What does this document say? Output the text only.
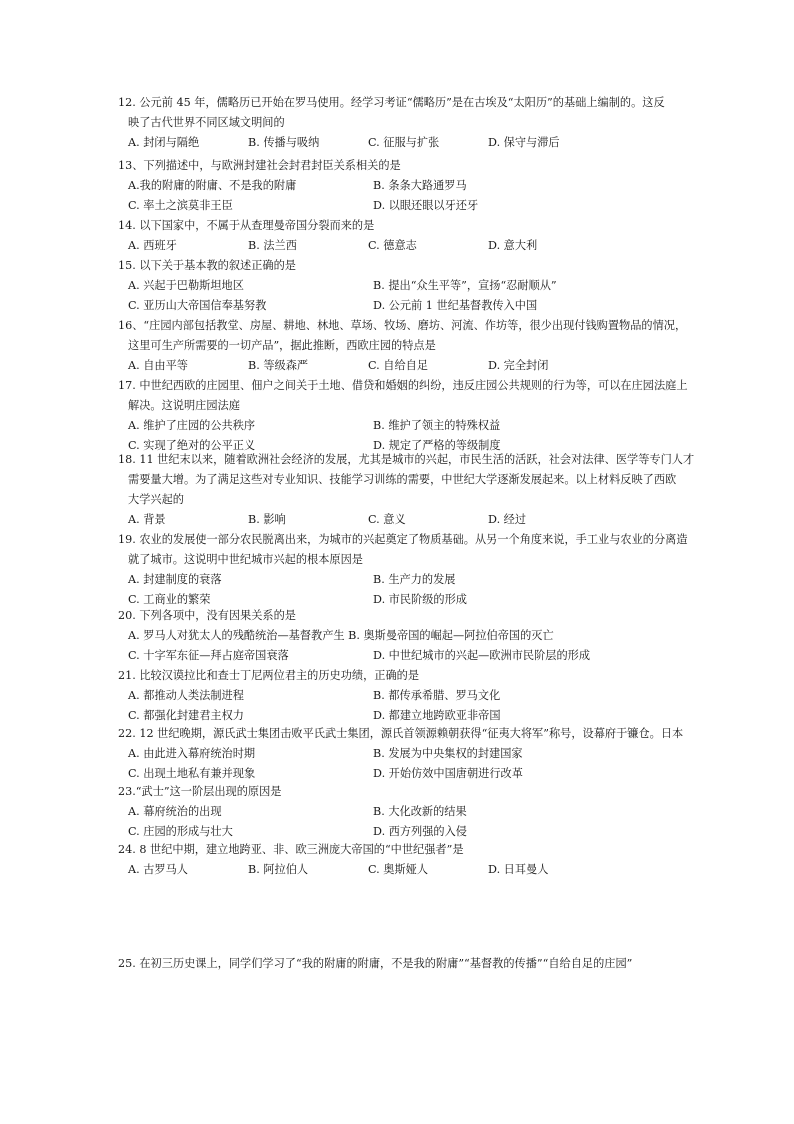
12. 公元前 45 年，儒略历已开始在罗马使用。经学习考证“儒略历”是在古埃及“太阳历”的基础上编制的。这反
映了古代世界不同区域文明间的
A. 封闭与隔绝	B. 传播与吸纳	C. 征服与扩张	D. 保守与滞后
13、下列描述中，与欧洲封建社会封君封臣关系相关的是
A.我的附庸的附庸、不是我的附庸	B. 条条大路通罗马
C. 率土之滨莫非王臣	D. 以眼还眼以牙还牙
14. 以下国家中，不属于从查理曼帝国分裂而来的是
A. 西班牙	B. 法兰西	C. 德意志	D. 意大利
15. 以下关于基本教的叙述正确的是
A. 兴起于巴勒斯坦地区	B. 提出“众生平等”，宣扬“忍耐顺从”
C. 亚历山大帝国信奉基努教	D. 公元前 1 世纪基督教传入中国
16、“庄园内部包括教堂、房屋、耕地、林地、草场、牧场、磨坊、河流、作坊等，很少出现付钱购置物品的情况，
这里可生产所需要的一切产品”，据此推断，西欧庄园的特点是
A. 自由平等	B. 等级森严	C. 自给自足	D. 完全封闭
17. 中世纪西欧的庄园里、佃户之间关于土地、借贷和婚姻的纠纷，违反庄园公共规则的行为等，可以在庄园法庭上
解决。这说明庄园法庭
A. 维护了庄园的公共秩序	B. 维护了领主的特殊权益
C. 实现了绝对的公平正义	D. 规定了严格的等级制度
18. 11 世纪末以来，随着欧洲社会经济的发展，尤其是城市的兴起，市民生活的活跃，社会对法律、医学等专门人才
需要量大增。为了满足这些对专业知识、技能学习训练的需要，中世纪大学逐渐发展起来。以上材料反映了西欧
大学兴起的
A. 背景	B. 影响	C. 意义	D. 经过
19. 农业的发展使一部分农民脱离出来，为城市的兴起奠定了物质基础。从另一个角度来说，手工业与农业的分离造
就了城市。这说明中世纪城市兴起的根本原因是
A. 封建制度的衰落	B. 生产力的发展
C. 工商业的繁荣	D. 市民阶级的形成
20. 下列各项中，没有因果关系的是
A. 罗马人对犹太人的残酷统治—基督教产生 B. 奥斯曼帝国的崛起—阿拉伯帝国的灭亡
C. 十字军东征—拜占庭帝国衰落	D. 中世纪城市的兴起—欧洲市民阶层的形成
21. 比较汉谟拉比和查士丁尼两位君主的历史功绩，正确的是
A. 都推动人类法制进程	B. 都传承希腊、罗马文化
C. 都强化封建君主权力	D. 都建立地跨欧亚非帝国
22. 12 世纪晚期，源氏武士集团击败平氏武士集团，源氏首领源赖朝获得“征夷大将军”称号，设幕府于镰仓。日本
A. 由此进入幕府统治时期	B. 发展为中央集权的封建国家
C. 出现土地私有兼并现象	D. 开始仿效中国唐朝进行改革
23.“武士”这一阶层出现的原因是
A. 幕府统治的出现	B. 大化改新的结果
C. 庄园的形成与壮大	D. 西方列强的入侵
24. 8 世纪中期，建立地跨亚、非、欧三洲庞大帝国的“中世纪强者”是
A. 古罗马人	B. 阿拉伯人	C. 奥斯娅人	D. 日耳曼人
25. 在初三历史课上，同学们学习了“我的附庸的附庸，不是我的附庸”“基督教的传播”“自给自足的庄园”
